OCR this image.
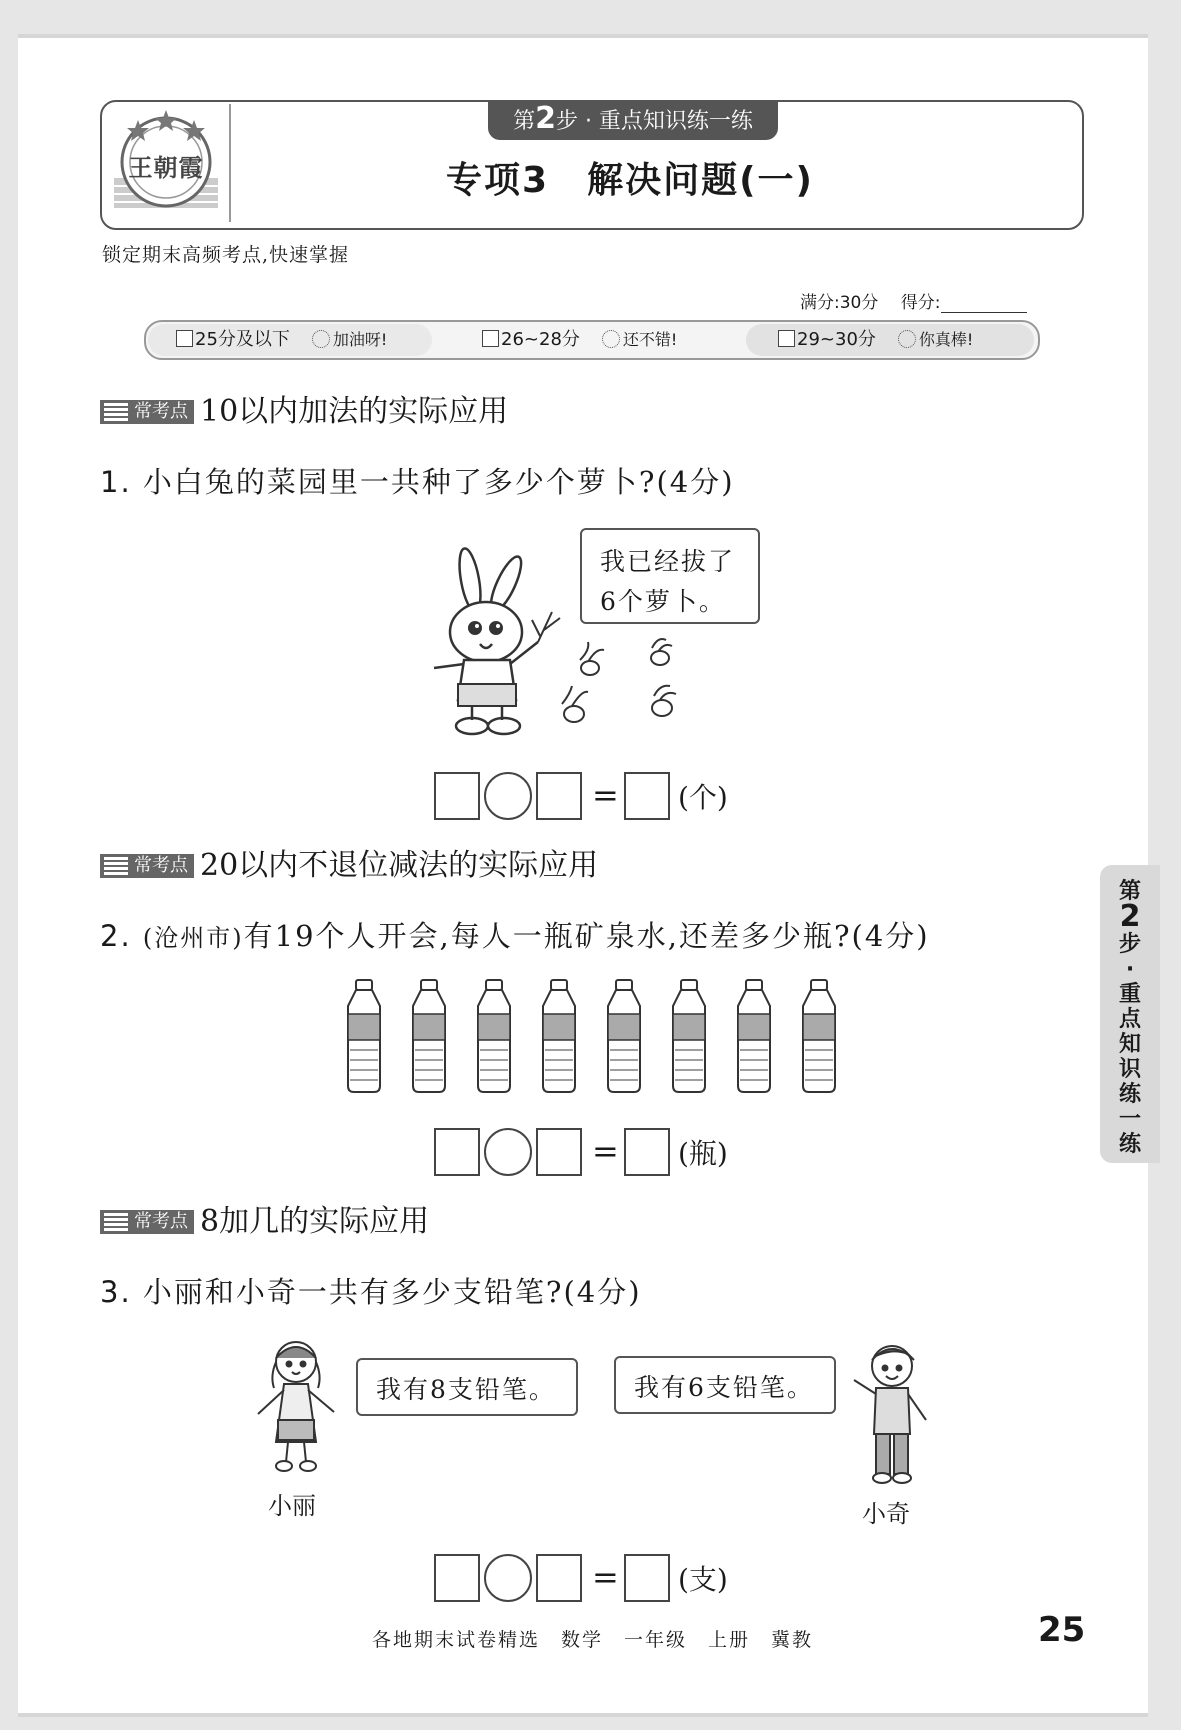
王朝霞
第2步 · 重点知识练一练
专项3　解决问题(一)
锁定期末高频考点,快速掌握
满分:30分　 得分:
25分及以下	加油呀!	26~28分	还不错!	29~30分	你真棒!
常考点 10以内加法的实际应用
1. 小白兔的菜园里一共种了多少个萝卜?(4分)
我已经拔了
6个萝卜。
= (个)
常考点 20以内不退位减法的实际应用
2. (沧州市)有19个人开会,每人一瓶矿泉水,还差多少瓶?(4分)
= (瓶)
常考点 8加几的实际应用
3. 小丽和小奇一共有多少支铅笔?(4分)
小丽
我有8支铅笔。	我有6支铅笔。
小奇
= (支)
第
2
步·重点知识练一练
各地期末试卷精选　数学　一年级　上册　冀教	25
